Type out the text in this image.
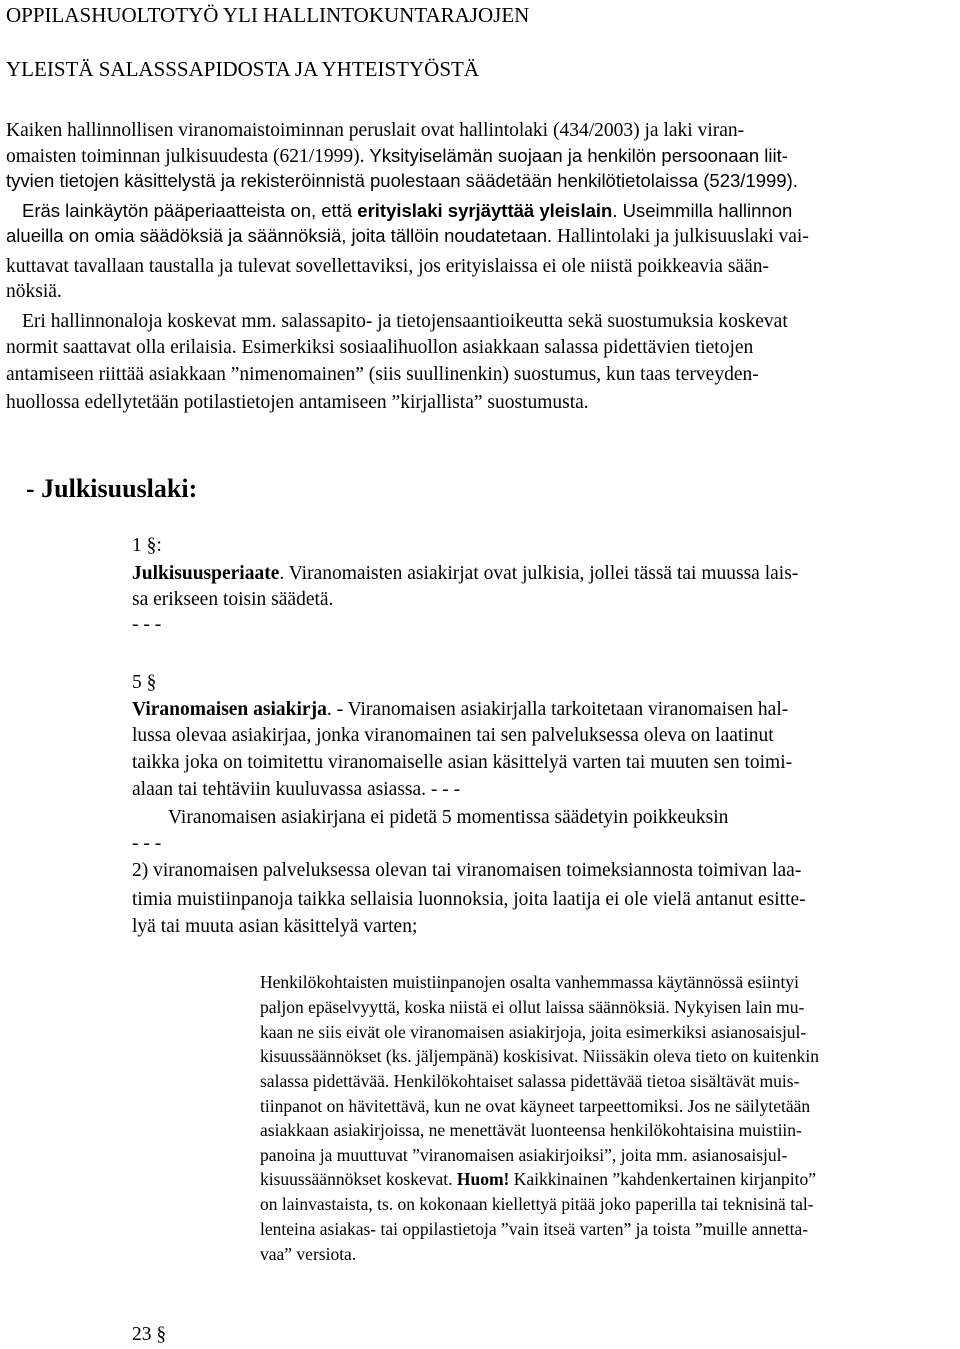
OPPILASHUOLTOTYÖ YLI HALLINTOKUNTARAJOJEN
YLEISTÄ SALASSSAPIDOSTA JA YHTEISTYÖSTÄ
Kaiken hallinnollisen viranomaistoiminnan peruslait ovat hallintolaki (434/2003) ja laki viran-
omaisten toiminnan julkisuudesta (621/1999). Yksityiselämän suojaan ja henkilön persoonaan liit-
tyvien tietojen käsittelystä ja rekisteröinnistä puolestaan säädetään henkilötietolaissa (523/1999).
Eräs lainkäytön pääperiaatteista on, että erityislaki syrjäyttää yleislain. Useimmilla hallinnon
alueilla on omia säädöksiä ja säännöksiä, joita tällöin noudatetaan. Hallintolaki ja julkisuuslaki vai-
kuttavat tavallaan taustalla ja tulevat sovellettaviksi, jos erityislaissa ei ole niistä poikkeavia sään-
nöksiä.
Eri hallinnonaloja koskevat mm. salassapito- ja tietojensaantioikeutta sekä suostumuksia koskevat
normit saattavat olla erilaisia. Esimerkiksi sosiaalihuollon asiakkaan salassa pidettävien tietojen
antamiseen riittää asiakkaan ”nimenomainen” (siis suullinenkin) suostumus, kun taas terveyden-
huollossa edellytetään potilastietojen antamiseen ”kirjallista” suostumusta.
- Julkisuuslaki:
1 §:
Julkisuusperiaate. Viranomaisten asiakirjat ovat julkisia, jollei tässä tai muussa lais-
sa erikseen toisin säädetä.
- - -
5 §
Viranomaisen asiakirja. - Viranomaisen asiakirjalla tarkoitetaan viranomaisen hal-
lussa olevaa asiakirjaa, jonka viranomainen tai sen palveluksessa oleva on laatinut
taikka joka on toimitettu viranomaiselle asian käsittelyä varten tai muuten sen toimi-
alaan tai tehtäviin kuuluvassa asiassa. - - -
Viranomaisen asiakirjana ei pidetä 5 momentissa säädetyin poikkeuksin
- - -
2) viranomaisen palveluksessa olevan tai viranomaisen toimeksiannosta toimivan laa-
timia muistiinpanoja taikka sellaisia luonnoksia, joita laatija ei ole vielä antanut esitte-
lyä tai muuta asian käsittelyä varten;
Henkilökohtaisten muistiinpanojen osalta vanhemmassa käytännössä esiintyi
paljon epäselvyyttä, koska niistä ei ollut laissa säännöksiä. Nykyisen lain mu-
kaan ne siis eivät ole viranomaisen asiakirjoja, joita esimerkiksi asianosaisjul-
kisuussäännökset (ks. jäljempänä) koskisivat. Niissäkin oleva tieto on kuitenkin
salassa pidettävää. Henkilökohtaiset salassa pidettävää tietoa sisältävät muis-
tiinpanot on hävitettävä, kun ne ovat käyneet tarpeettomiksi. Jos ne säilytetään
asiakkaan asiakirjoissa, ne menettävät luonteensa henkilökohtaisina muistiin-
panoina ja muuttuvat ”viranomaisen asiakirjoiksi”, joita mm. asianosaisjul-
kisuussäännökset koskevat. Huom! Kaikkinainen ”kahdenkertainen kirjanpito”
on lainvastaista, ts. on kokonaan kiellettyä pitää joko paperilla tai teknisinä tal-
lenteina asiakas- tai oppilastietoja ”vain itseä varten” ja toista ”muille annetta-
vaa” versiota.
23 §
